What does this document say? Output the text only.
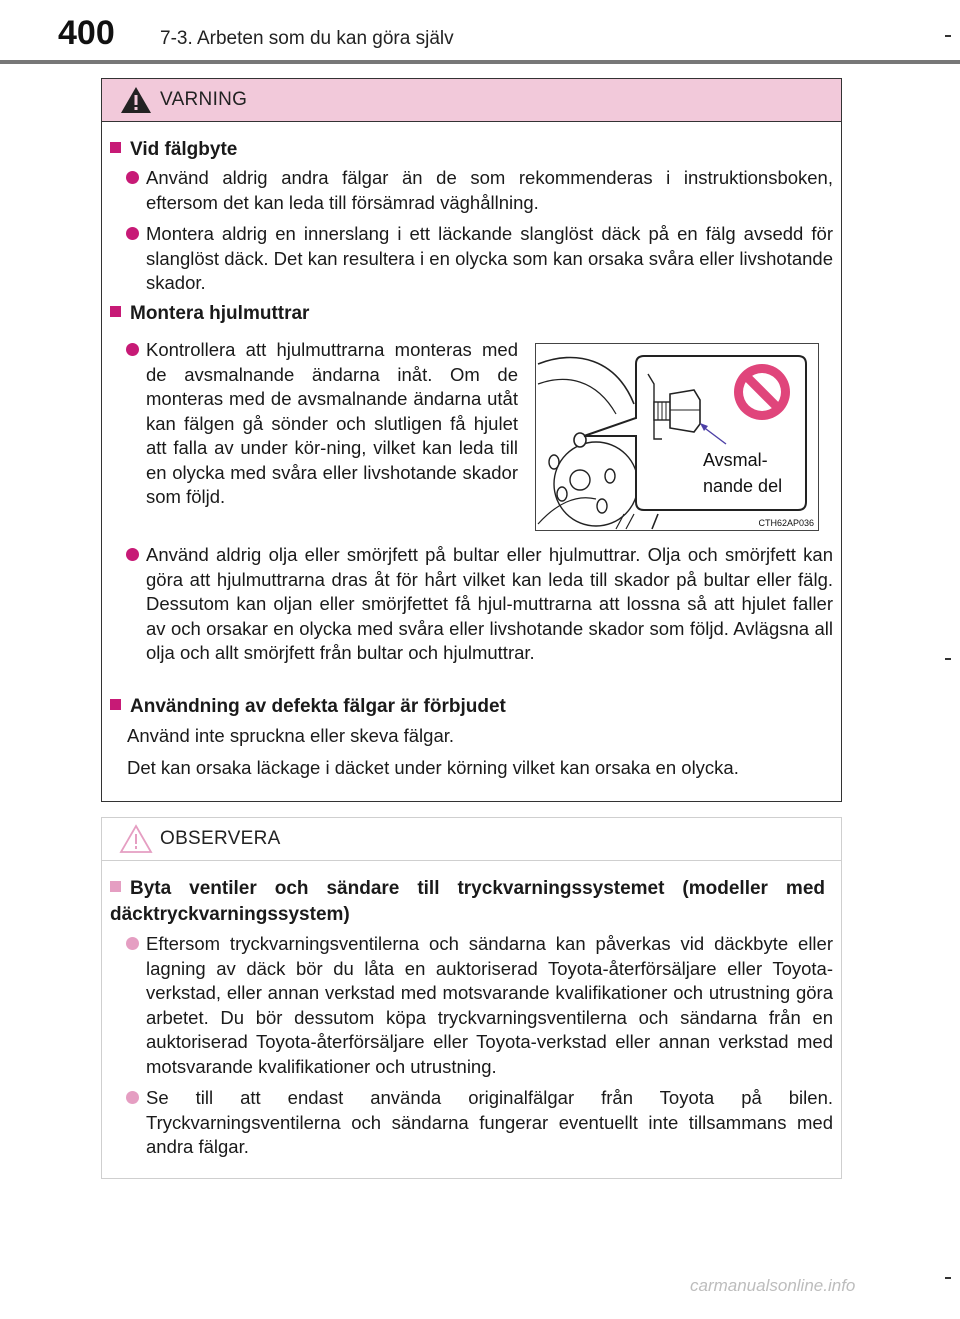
400 7-3. Arbeten som du kan göra själv
VARNING
Vid fälgbyte
Använd aldrig andra fälgar än de som rekommenderas i instruktionsboken, eftersom det kan leda till försämrad väghållning.
Montera aldrig en innerslang i ett läckande slanglöst däck på en fälg avsedd för slanglöst däck. Det kan resultera i en olycka som kan orsaka svåra eller livshotande skador.
Montera hjulmuttrar
Kontrollera att hjulmuttrarna monteras med de avsmalnande ändarna inåt. Om de monteras med de avsmalnande ändarna utåt kan fälgen gå sönder och slutligen få hjulet att falla av under kör-ning, vilket kan leda till en olycka med svåra eller livshotande skador som följd.
Avsmal-
nande del
CTH62AP036
Använd aldrig olja eller smörjfett på bultar eller hjulmuttrar. Olja och smörjfett kan göra att hjulmuttrarna dras åt för hårt vilket kan leda till skador på bultar eller fälg. Dessutom kan oljan eller smörjfettet få hjul-muttrarna att lossna så att hjulet faller av och orsakar en olycka med svåra eller livshotande skador som följd. Avlägsna all olja och allt smörjfett från bultar och hjulmuttrar.
Användning av defekta fälgar är förbjudet
Använd inte spruckna eller skeva fälgar.
Det kan orsaka läckage i däcket under körning vilket kan orsaka en olycka.
OBSERVERA
Byta ventiler och sändare till tryckvarningssystemet (modeller med däcktryckvarningssystem)
Eftersom tryckvarningsventilerna och sändarna kan påverkas vid däckbyte eller lagning av däck bör du låta en auktoriserad Toyota-återförsäljare eller Toyota-verkstad, eller annan verkstad med motsvarande kvalifikationer och utrustning göra arbetet. Du bör dessutom köpa tryckvarningsventilerna och sändarna från en auktoriserad Toyota-återförsäljare eller Toyota-verkstad eller annan verkstad med motsvarande kvalifikationer och utrustning.
Se till att endast använda originalfälgar från Toyota på bilen. Tryckvarningsventilerna och sändarna fungerar eventuellt inte tillsammans med andra fälgar.
carmanualsonline.info
